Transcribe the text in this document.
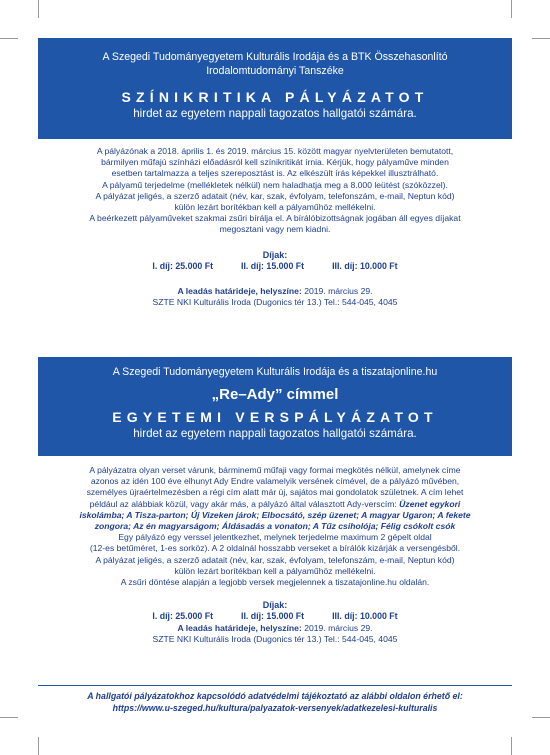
A Szegedi Tudományegyetem Kulturális Irodája és a BTK Összehasonlító
Irodalomtudományi Tanszéke
SZÍNIKRITIKA PÁLYÁZATOT
hirdet az egyetem nappali tagozatos hallgatói számára.
A pályázónak a 2018. április 1. és 2019. március 15. között magyar nyelvterületen bemutatott,
bármilyen műfajú színházi előadásról kell színikritikát írnia. Kérjük, hogy pályaműve minden
esetben tartalmazza a teljes szereposztást is. Az elkészült írás képekkel illusztrálható.
A pályamű terjedelme (mellékletek nélkül) nem haladhatja meg a 8.000 leütést (szóközzel).
A pályázat jeligés, a szerző adatait (név, kar, szak, évfolyam, telefonszám, e-mail, Neptun kód)
külön lezárt borítékban kell a pályaműhöz mellékelni.
A beérkezett pályaműveket szakmai zsűri bírálja el. A bírálóbizottságnak jogában áll egyes díjakat
megosztani vagy nem kiadni.
Díjak:
I. díj: 25.000 Ft	II. díj: 15.000 Ft	III. díj: 10.000 Ft
A leadás határideje, helyszíne: 2019. március 29.
SZTE NKI Kulturális Iroda (Dugonics tér 13.) Tel.: 544-045, 4045
A Szegedi Tudományegyetem Kulturális Irodája és a tiszatajonline.hu
„Re–Ady” címmel
EGYETEMI VERSPÁLYÁZATOT
hirdet az egyetem nappali tagozatos hallgatói számára.
A pályázatra olyan verset várunk, bárminemű műfaji vagy formai megkötés nélkül, amelynek címe
azonos az idén 100 éve elhunyt Ady Endre valamelyik versének címével, de a pályázó művében,
személyes újraértelmezésben a régi cím alatt már új, sajátos mai gondolatok születnek. A cím lehet
például az alábbiak közül, vagy akár más, a pályázó által választott Ady-verscím: Üzenet egykori
iskolámba; A Tisza-parton; Új Vizeken járok; Elbocsátó, szép üzenet; A magyar Ugaron; A fekete
zongora; Az én magyarságom; Áldásadás a vonaton; A Tűz csiholója; Félig csókolt csók
Egy pályázó egy verssel jelentkezhet, melynek terjedelme maximum 2 gépelt oldal
(12-es betűméret, 1-es sorköz). A 2 oldalnál hosszabb verseket a bírálók kizárják a versengésből.
A pályázat jeligés, a szerző adatait (név, kar, szak, évfolyam, telefonszám, e-mail, Neptun kód)
külön lezárt borítékban kell a pályaműhöz mellékelni.
A zsűri döntése alapján a legjobb versek megjelennek a tiszatajonline.hu oldalán.
Díjak:
I. díj: 25.000 Ft	II. díj: 15.000 Ft	III. díj: 10.000 Ft
A leadás határideje, helyszíne: 2019. március 29.
SZTE NKI Kulturális Iroda (Dugonics tér 13.) Tel.: 544-045, 4045
A hallgatói pályázatokhoz kapcsolódó adatvédelmi tájékoztató az alábbi oldalon érhető el:
https://www.u-szeged.hu/kultura/palyazatok-versenyek/adatkezelesi-kulturalis
